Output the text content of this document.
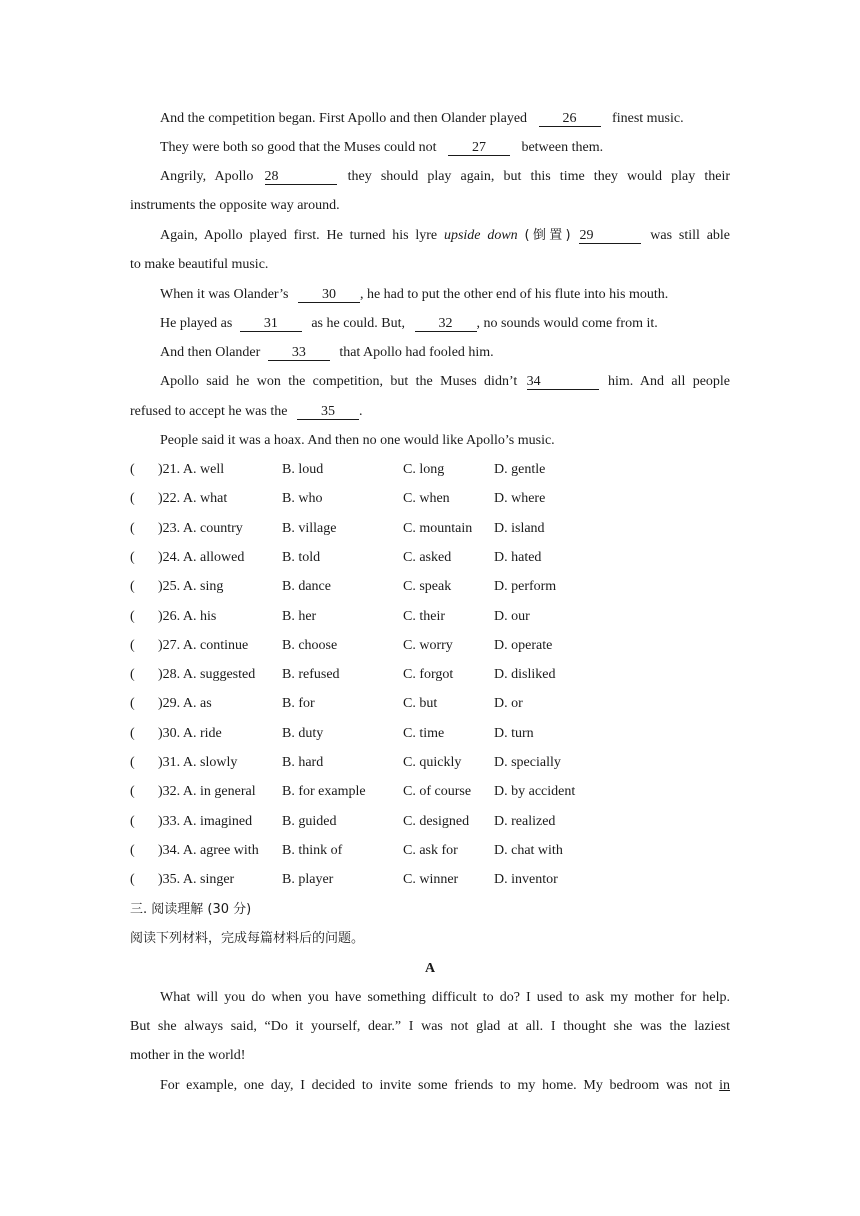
And the competition began. First Apollo and then Olander played	26	finest music.
They were both so good that the Muses could not	27	between them.
Angrily, Apollo 28	they should play again, but this time they would play their
instruments the opposite way around.
Again, Apollo played first. He turned his lyre upside down (倒置) 29	was still able
to make beautiful music.
When it was Olander’s 30 , he had to put the other end of his flute into his mouth.
He played as 31 as he could. But, 32 , no sounds would come from it.
And then Olander 33 that Apollo had fooled him.
Apollo said he won the competition, but the Muses didn’t 34	him. And all people
refused to accept he was the 35 .
People said it was a hoax. And then no one would like Apollo’s music.
( )21. A. well	B. loud	C. long	D. gentle
( )22. A. what	B. who	C. when	D. where
( )23. A. country	B. village	C. mountain D. island
( )24. A. allowed	B. told	C. asked	D. hated
( )25. A. sing	B. dance	C. speak	D. perform
( )26. A. his	B. her	C. their	D. our
( )27. A. continue B. choose	C. worry	D. operate
( )28. A. suggested B. refused	C. forgot	D. disliked
( )29. A. as	B. for	C. but	D. or
( )30. A. ride	B. duty	C. time	D. turn
( )31. A. slowly	B. hard	C. quickly D. specially
( )32. A. in general B. for example	C. of course D. by accident
( )33. A. imagined B. guided	C. designed D. realized
( )34. A. agree with B. think of	C. ask for	D. chat with
( )35. A. singer	B. player	C. winner	D. inventor
三. 阅读理解 (30 分)
阅读下列材料，完成每篇材料后的问题。
A
What will you do when you have something difficult to do? I used to ask my mother for help.
But she always said, “Do it yourself, dear.” I was not glad at all. I thought she was the laziest
mother in the world!
For example, one day, I decided to invite some friends to my home. My bedroom was not in
